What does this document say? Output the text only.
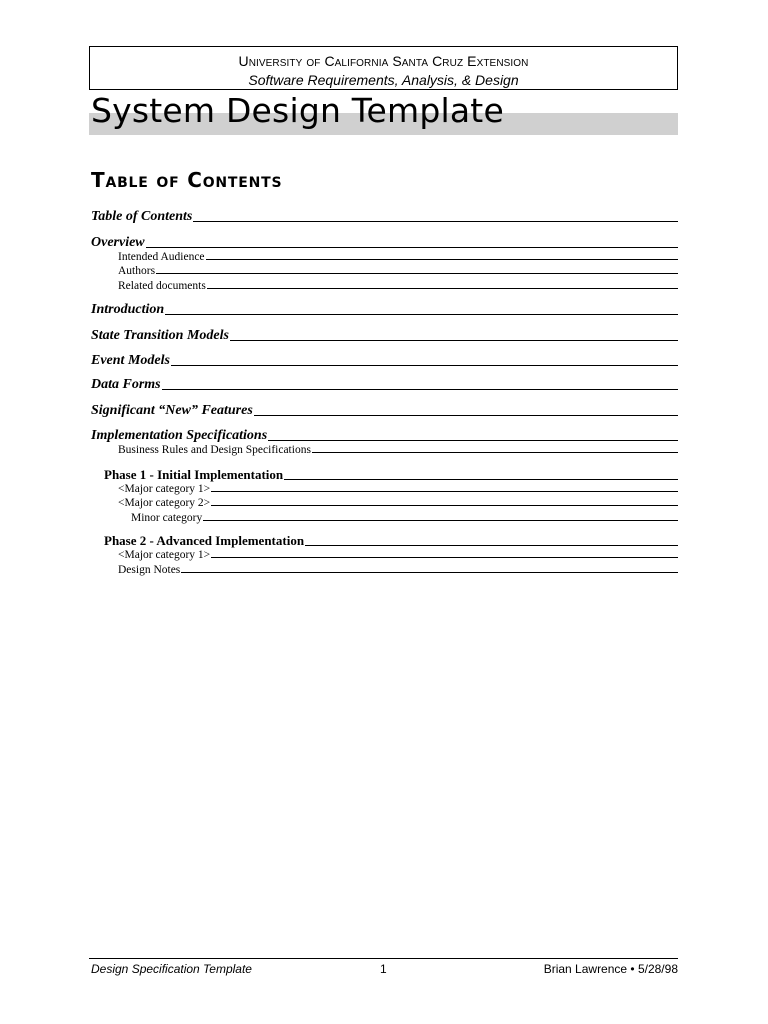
University of California Santa Cruz Extension
Software Requirements, Analysis, & Design
System Design Template
Table of Contents
Table of Contents
Overview
Intended Audience
Authors
Related documents
Introduction
State Transition Models
Event Models
Data Forms
Significant “New” Features
Implementation Specifications
Business Rules and Design Specifications
Phase 1 - Initial Implementation
<Major category 1>
<Major category 2>
Minor category
Phase 2 - Advanced Implementation
<Major category 1>
Design Notes
Design Specification Template	1	Brian Lawrence • 5/28/98
